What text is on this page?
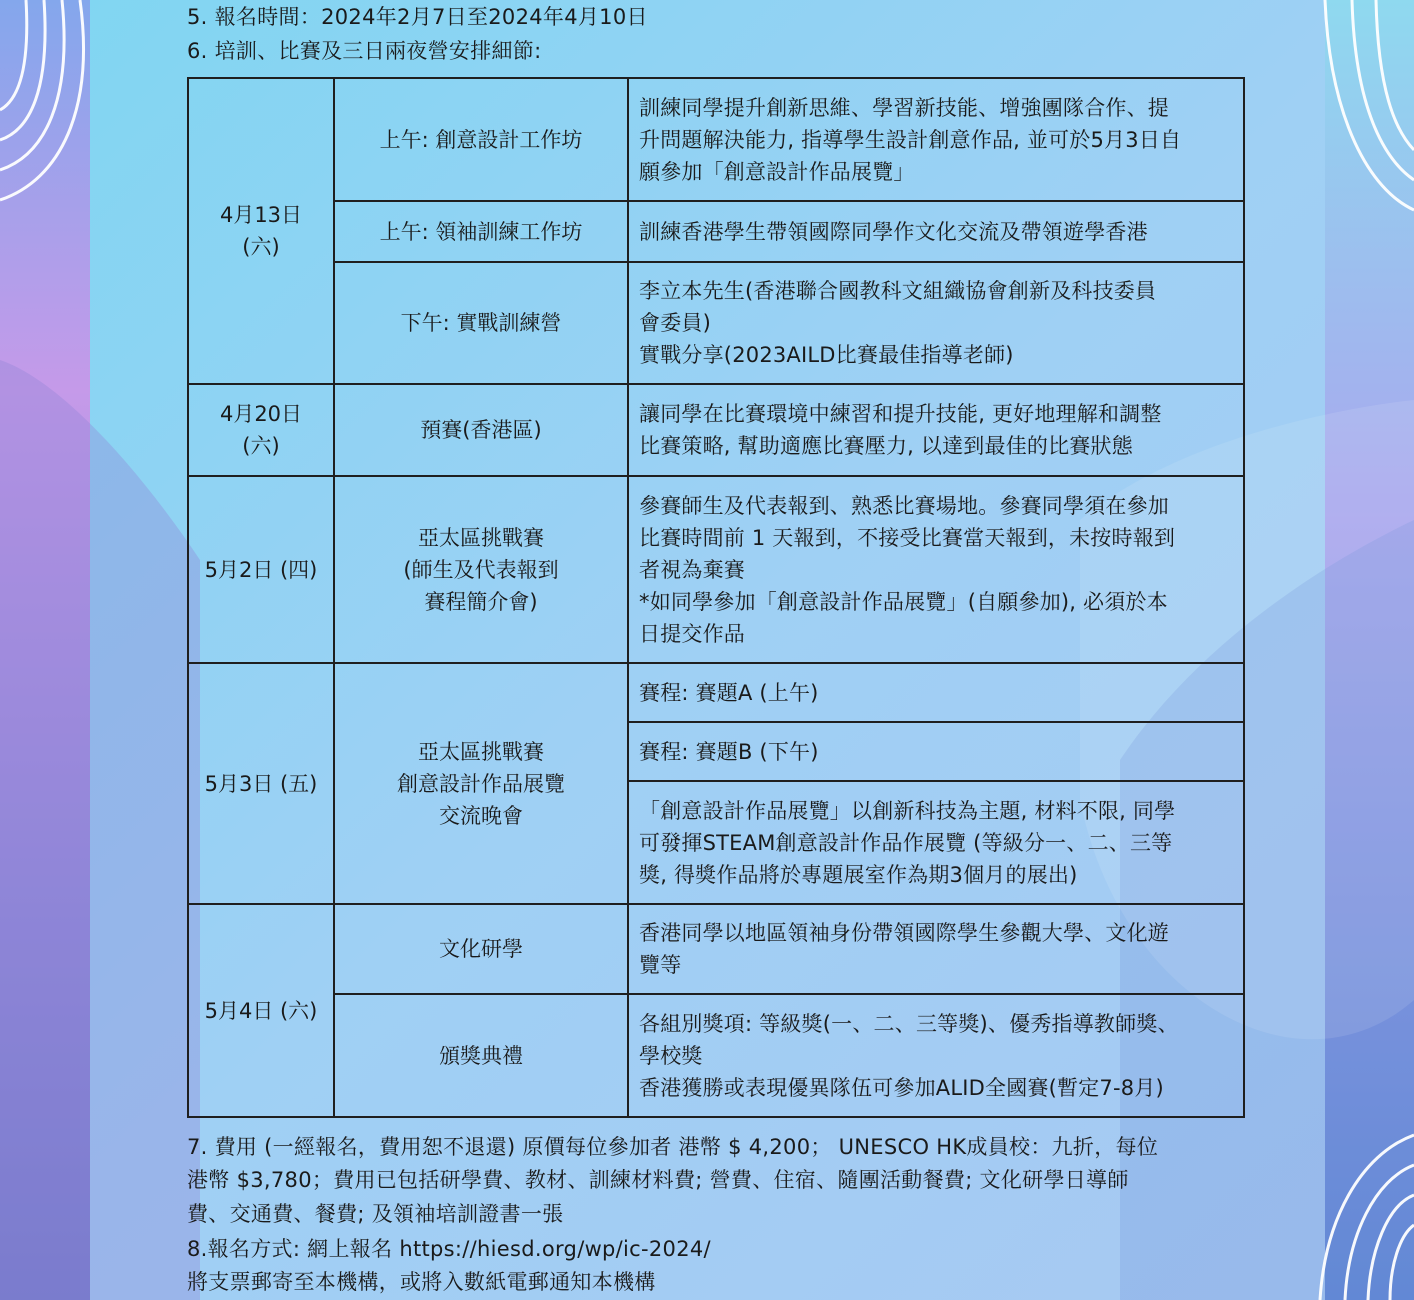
5. 報名時間：2024年2月7日至2024年4月10日
6. 培訓、比賽及三日兩夜營安排細節:
4月13日
(六)	上午: 創意設計工作坊	訓練同學提升創新思維、學習新技能、增強團隊合作、提
升問題解決能力, 指導學生設計創意作品, 並可於5月3日自
願參加「創意設計作品展覽」
	上午: 領袖訓練工作坊	訓練香港學生帶領國際同學作文化交流及帶領遊學香港
	下午: 實戰訓練營	李立本先生(香港聯合國教科文組織協會創新及科技委員
會委員)
實戰分享(2023AILD比賽最佳指導老師)
4月20日
(六)	預賽(香港區)	讓同學在比賽環境中練習和提升技能, 更好地理解和調整
比賽策略, 幫助適應比賽壓力, 以達到最佳的比賽狀態
5月2日 (四)	亞太區挑戰賽
(師生及代表報到
賽程簡介會)	參賽師生及代表報到、熟悉比賽場地。參賽同學須在參加
比賽時間前 1 天報到，不接受比賽當天報到，未按時報到
者視為棄賽
*如同學參加「創意設計作品展覽」(自願參加), 必須於本
日提交作品
5月3日 (五)	亞太區挑戰賽
創意設計作品展覽
交流晚會	賽程: 賽題A (上午)
		賽程: 賽題B (下午)
		「創意設計作品展覽」以創新科技為主題, 材料不限, 同學
可發揮STEAM創意設計作品作展覽 (等級分一、二、三等
獎, 得獎作品將於專題展室作為期3個月的展出)
5月4日 (六)	文化研學	香港同學以地區領袖身份帶領國際學生參觀大學、文化遊
覽等
	頒獎典禮	各組別獎項: 等級獎(一、二、三等獎)、優秀指導教師獎、
學校獎
香港獲勝或表現優異隊伍可參加ALID全國賽(暫定7-8月)
7. 費用 (一經報名，費用恕不退還) 原價每位參加者 港幣 $ 4,200； UNESCO HK成員校：九折，每位
港幣 $3,780；費用已包括研學費、教材、訓練材料費; 營費、住宿、隨團活動餐費; 文化研學日導師
費、交通費、餐費; 及領袖培訓證書一張
8.報名方式: 網上報名 https://hiesd.org/wp/ic-2024/
將支票郵寄至本機構，或將入數紙電郵通知本機構
